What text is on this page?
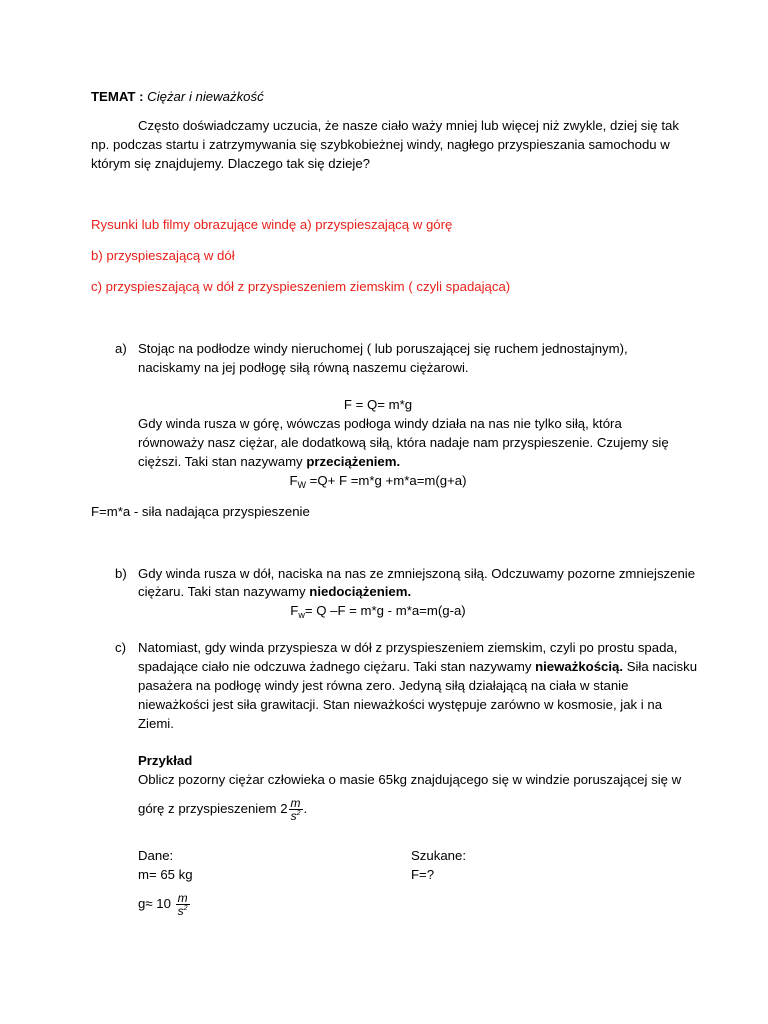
TEMAT : Ciężar i nieważkość
Często doświadczamy uczucia, że nasze ciało waży mniej lub więcej niż zwykle, dziej się tak
np. podczas startu i zatrzymywania się szybkobieżnej windy, nagłego przyspieszania samochodu w
którym się znajdujemy. Dlaczego tak się dzieje?
Rysunki lub filmy obrazujące windę a) przyspieszającą w górę
b) przyspieszającą w dół
c) przyspieszającą w dół z przyspieszeniem ziemskim ( czyli spadająca)
a) Stojąc na podłodze windy nieruchomej ( lub poruszającej się ruchem jednostajnym),
naciskamy na jej podłogę siłą równą naszemu ciężarowi.
F = Q= m*g
Gdy winda rusza w górę, wówczas podłoga windy działa na nas nie tylko siłą, która
równoważy nasz ciężar, ale dodatkową siłą, która nadaje nam przyspieszenie. Czujemy się
cięższi. Taki stan nazywamy przeciążeniem.
$F_W =Q+ F =m*g +m*a=m(g+a)$
F=m*a - siła nadająca przyspieszenie
b) Gdy winda rusza w dół, naciska na nas ze zmniejszoną siłą. Odczuwamy pozorne zmniejszenie
ciężaru. Taki stan nazywamy niedociążeniem.
$F_w= Q$ –F = m*g - m*a=m(g-a)
c) Natomiast, gdy winda przyspiesza w dół z przyspieszeniem ziemskim, czyli po prostu spada,
spadające ciało nie odczuwa żadnego ciężaru. Taki stan nazywamy nieważkością. Siła nacisku
pasażera na podłogę windy jest równa zero. Jedyną siłą działającą na ciała w stanie
nieważkości jest siła grawitacji. Stan nieważkości występuje zarówno w kosmosie, jak i na
Ziemi.
Przykład
Oblicz pozorny ciężar człowieka o masie 65kg znajdującego się w windzie poruszającej się w
górę z przyspieszeniem $2 \frac{m}{s^2}$ .
Dane:
m= 65 kg
$g\approx 10 \frac{m}{s^2}$
Szukane:
F=?
